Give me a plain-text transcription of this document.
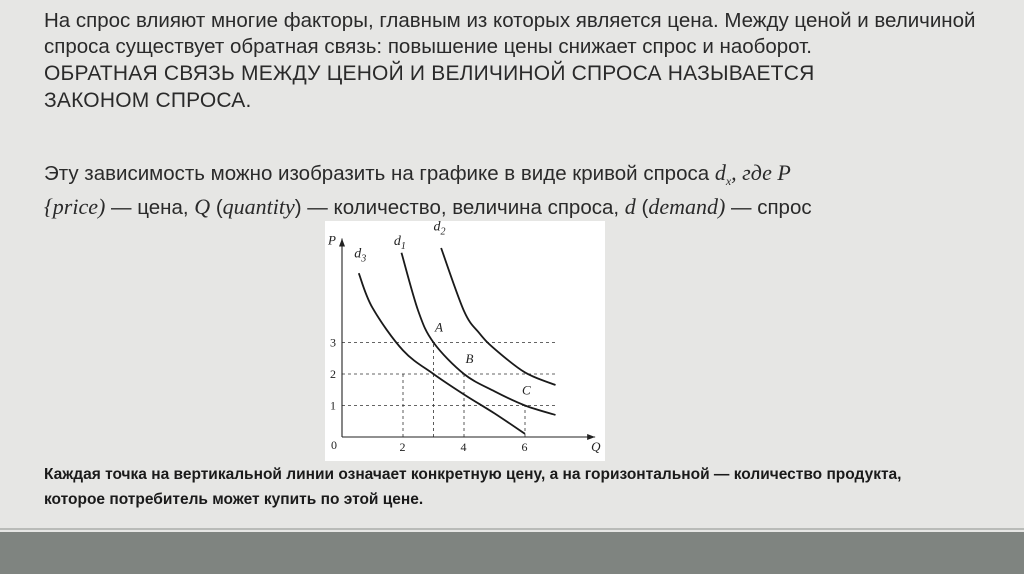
На спрос влияют многие факторы, главным из которых является цена. Между ценой и величиной спроса существует обратная связь: повышение цены снижает спрос и наоборот.

ОБРАТНАЯ СВЯЗЬ МЕЖДУ ЦЕНОЙ И ВЕЛИЧИНОЙ СПРОСА НАЗЫВАЕТСЯ

ЗАКОНОМ СПРОСА.

Эту зависимость можно изобразить на графике в виде кривой спроса $d_x$, где P
{price) — цена, Q (quantity) — количество, величина спроса, d (demand) — спрос
Q
P
0	2	4	6
1
2
3
$d_3$
$d_1$
$d_2$
A
B
C
Каждая точка на вертикальной линии означает конкретную цену, а на горизонтальной — количество продукта, которое потребитель может купить по этой цене.
